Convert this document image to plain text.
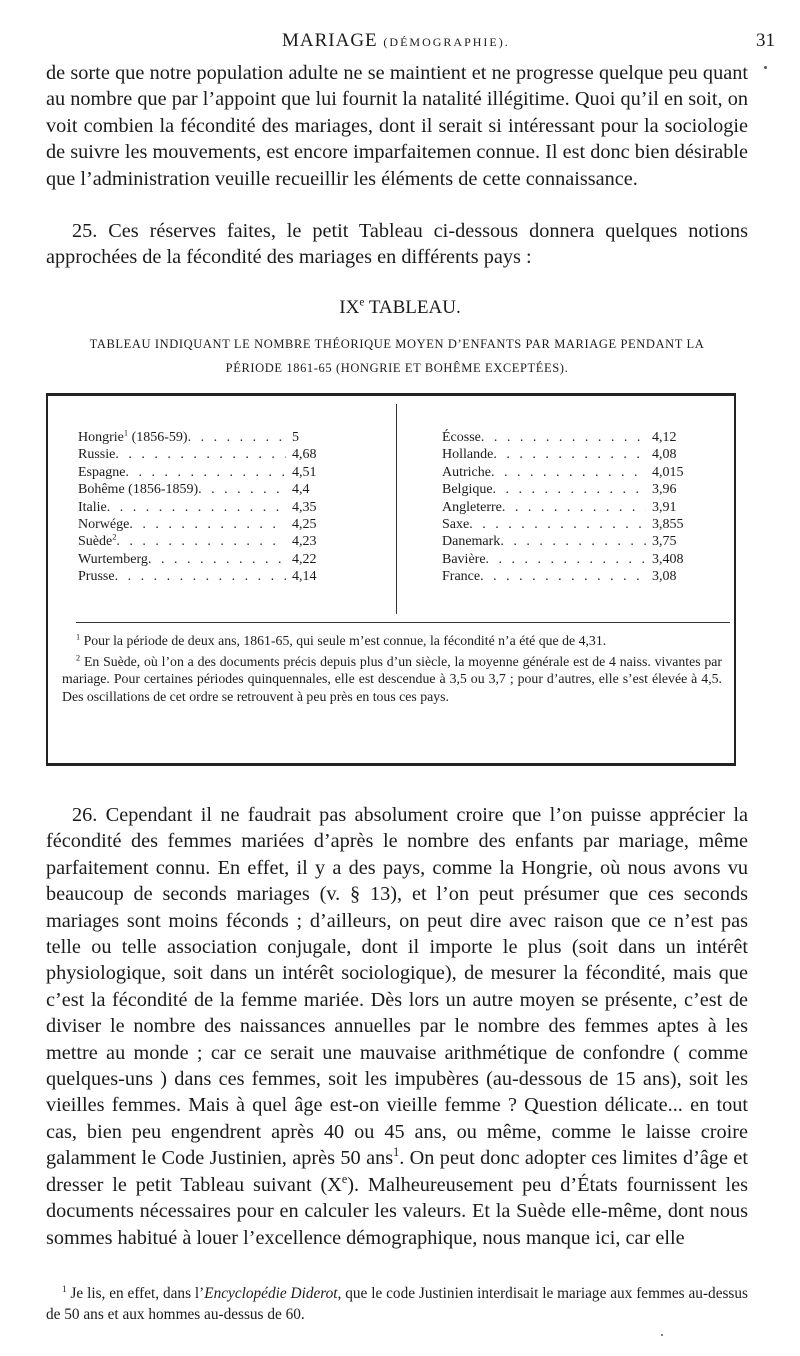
MARIAGE (DÉMOGRAPHIE).	31

de sorte que notre population adulte ne se maintient et ne progresse quelque peu quant au nombre que par l’appoint que lui fournit la natalité illégitime. Quoi qu’il en soit, on voit combien la fécondité des mariages, dont il serait si intéressant pour la sociologie de suivre les mouvements, est encore imparfaitemen connue. Il est donc bien désirable que l’administration veuille recueillir les éléments de cette connaissance.

25. Ces réserves faites, le petit Tableau ci-dessous donnera quelques notions approchées de la fécondité des mariages en différents pays :

IXe TABLEAU.
TABLEAU INDIQUANT LE NOMBRE THÉORIQUE MOYEN D’ENFANTS PAR MARIAGE PENDANT LA
PÉRIODE 1861-65 (HONGRIE ET BOHÊME EXCEPTÉES).
Hongrie$^1$ (1856-59) . . .	5
Russie . . .	4,68
Espagne . . .	4,51
Bohême (1856-1859) . . .	4,4
Italie . . .	4,35
Norwége . . .	4,25
Suède$^2$ . . .	4,23
Wurtemberg . . .	4,22
Prusse . . .	4,14
Écosse . . .	4,12
Hollande . . .	4,08
Autriche . . .	4,015
Belgique . . .	3,96
Angleterre . . .	3,91
Saxe . . .	3,855
Danemark . . .	3,75
Bavière . . .	3,408
France . . .	3,08

$^1$ Pour la période de deux ans, 1861-65, qui seule m’est connue, la fécondité n’a été que de 4,31.

$^2$ En Suède, où l’on a des documents précis depuis plus d’un siècle, la moyenne générale est de 4 naiss. vivantes par mariage. Pour certaines périodes quinquennales, elle est descendue à 3,5 ou 3,7 ; pour d’autres, elle s’est élevée à 4,5. Des oscillations de cet ordre se retrouvent à peu près en tous ces pays.

26. Cependant il ne faudrait pas absolument croire que l’on puisse apprécier la fécondité des femmes mariées d’après le nombre des enfants par mariage, même parfaitement connu. En effet, il y a des pays, comme la Hongrie, où nous avons vu beaucoup de seconds mariages (v. § 13), et l’on peut présumer que ces seconds mariages sont moins féconds ; d’ailleurs, on peut dire avec raison que ce n’est pas telle ou telle association conjugale, dont il importe le plus (soit dans un intérêt physiologique, soit dans un intérêt sociologique), de mesurer la fécondité, mais que c’est la fécondité de la femme mariée. Dès lors un autre moyen se présente, c’est de diviser le nombre des naissances annuelles par le nombre des femmes aptes à les mettre au monde ; car ce serait une mauvaise arithmétique de confondre ( comme quelques-uns ) dans ces femmes, soit les impubères (au-dessous de 15 ans), soit les vieilles femmes. Mais à quel âge est-on vieille femme ? Question délicate... en tout cas, bien peu engendrent après 40 ou 45 ans, ou même, comme le laisse croire galamment le Code Justinien, après 50 ans$^1$. On peut donc adopter ces limites d’âge et dresser le petit Tableau suivant (Xe). Malheureusement peu d’États fournissent les documents nécessaires pour en calculer les valeurs. Et la Suède elle-même, dont nous sommes habitué à louer l’excellence démographique, nous manque ici, car elle

$^1$ Je lis, en effet, dans l’Encyclopédie Diderot, que le code Justinien interdisait le mariage aux femmes au-dessus de 50 ans et aux hommes au-dessus de 60.
